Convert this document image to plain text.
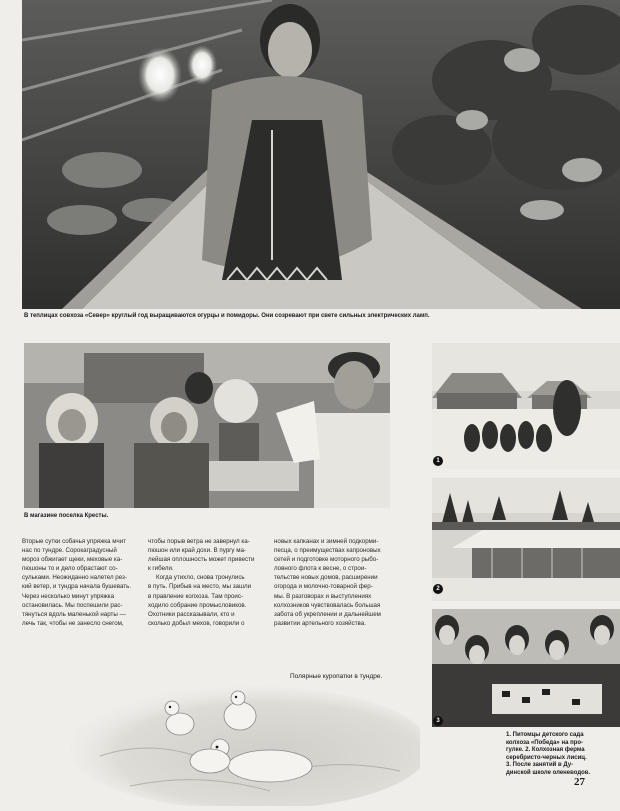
В теплицах совхоза «Север» круглый год выращиваются огурцы и помидоры. Они созревают при свете сильных электрических ламп.
В магазине поселка Кресты.
1
2
3
1. Питомцы детского сада
колхоза «Победа» на про-
гулке. 2. Колхозная ферма
серебристо-черных лисиц.
3. После занятий в Ду-
динской школе оленеводов.
Вторые сутки собачья упряжка мчит
нас по тундре. Сорокаградусный
мороз обжигает щеки, меховые ка-
пюшоны то и дело обрастают со-
сульками. Неожиданно налетел рез-
кий ветер, и тундра начала бушевать.
Через несколько минут упряжка
остановилась. Мы поспешили рас-
тянуться вдоль маленькой нарты —
лечь так, чтобы не занесло снегом,
чтобы порыв ветра не завернул ка-
пюшон или край дохи. В пургу ма-
лейшая оплошность может привести
к гибели.
Когда утихло, снова тронулись
в путь. Прибыв на место, мы зашли
в правление колхоза. Там проис-
ходило собрание промысловиков.
Охотники рассказывали, кто и
сколько добыл мехов, говорили о
новых капканах и зимней подкорми-
песца, о преимуществах капроновых
сетей и подготовке моторного рыбо-
ловного флота к весне, о строи-
тельстве новых домов, расширении
огорода и молочно-товарной фер-
мы. В разговорах и выступлениях
колхозников чувствовалась большая
забота об укреплении и дальнейшем
развитии артельного хозяйства.
Полярные куропатки в тундре.
27
